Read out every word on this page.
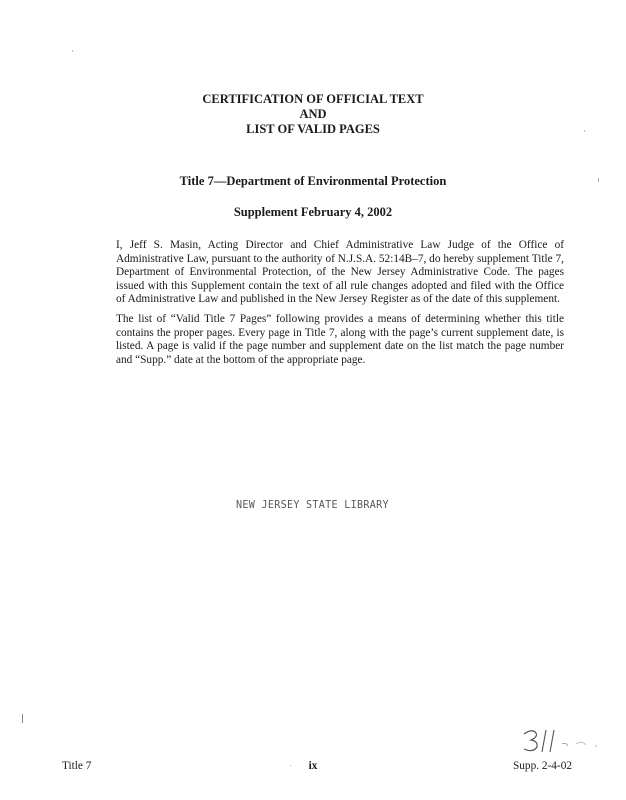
CERTIFICATION OF OFFICIAL TEXT
AND
LIST OF VALID PAGES
Title 7—Department of Environmental Protection
Supplement February 4, 2002

I, Jeff S. Masin, Acting Director and Chief Administrative Law Judge of the Office of Administrative Law, pursuant to the authority of N.J.S.A. 52:14B–7, do hereby supplement Title 7, Department of Environmental Protection, of the New Jersey Administrative Code. The pages issued with this Supplement contain the text of all rule changes adopted and filed with the Office of Administrative Law and published in the New Jersey Register as of the date of this supplement.

The list of “Valid Title 7 Pages” following provides a means of determining whether this title contains the proper pages. Every page in Title 7, along with the page’s current supplement date, is listed. A page is valid if the page number and supplement date on the list match the page number and “Supp.” date at the bottom of the appropriate page.

NEW JERSEY STATE LIBRARY
Title 7	ix	Supp. 2-4-02
